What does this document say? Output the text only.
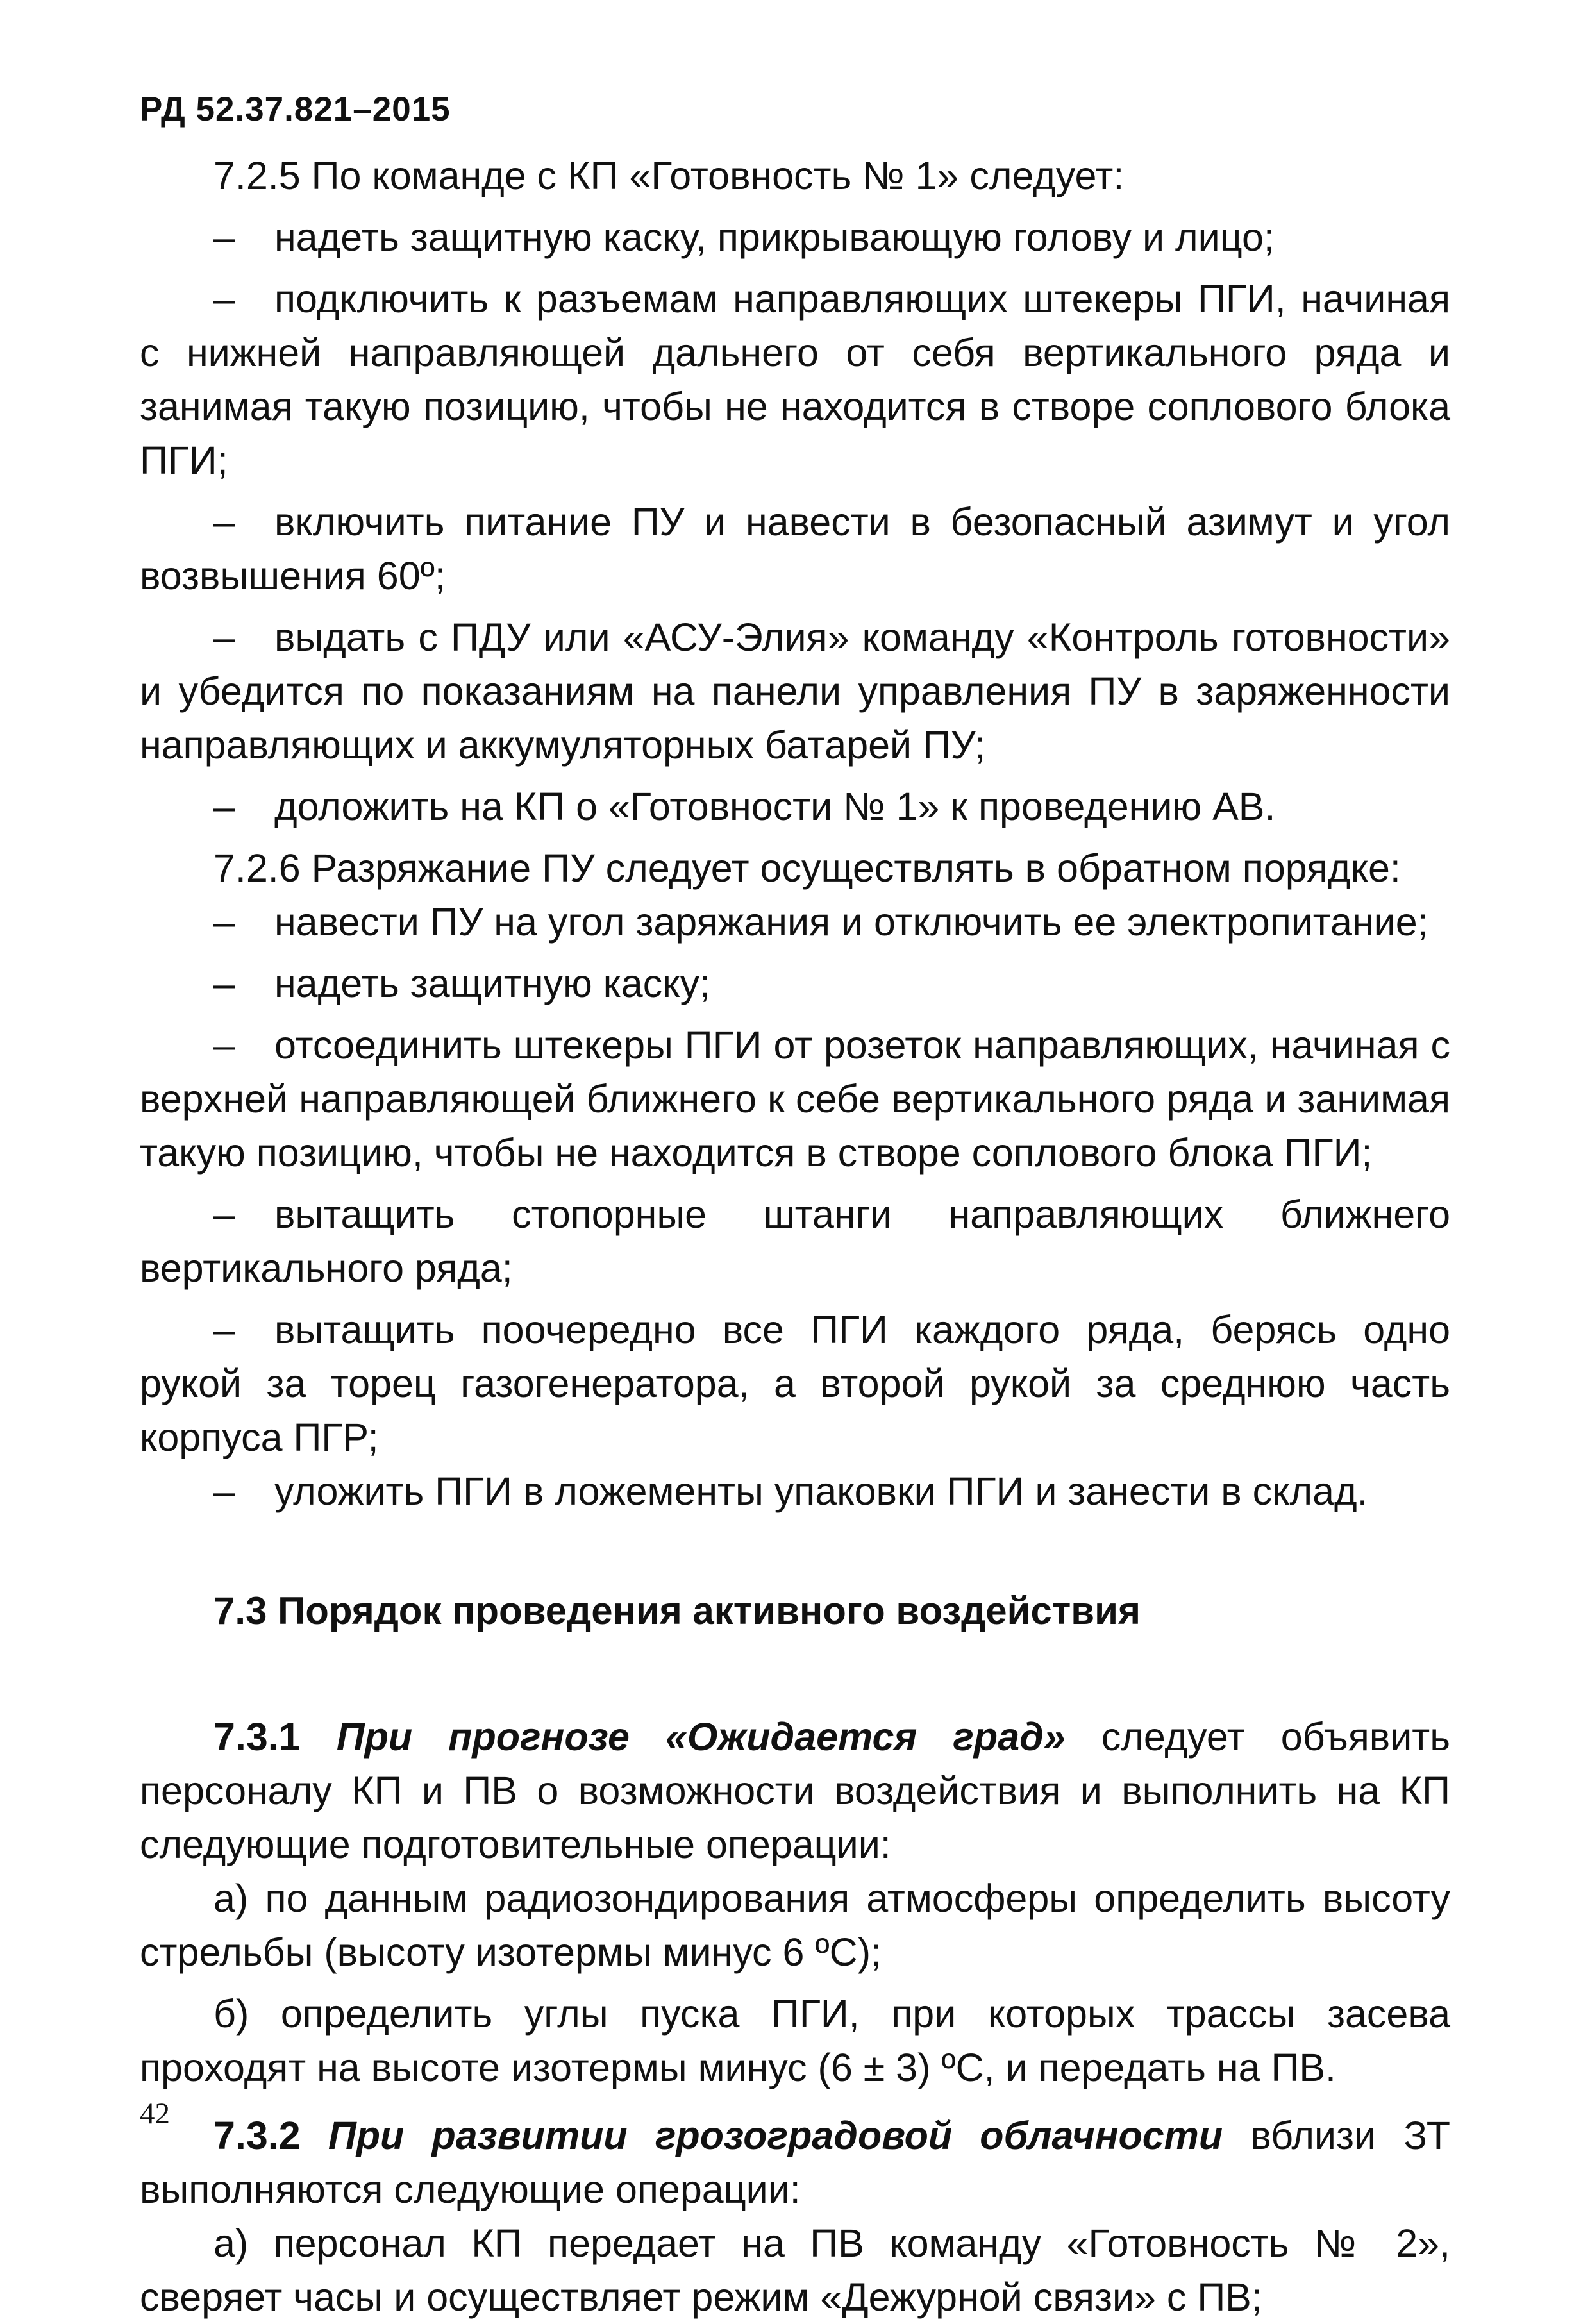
РД 52.37.821–2015

7.2.5 По команде с КП «Готовность № 1» следует:

– надеть защитную каску, прикрывающую голову и лицо;

– подключить к разъемам направляющих штекеры ПГИ, начиная с нижней направляющей дальнего от себя вертикального ряда и занимая такую позицию, чтобы не находится в створе соплового блока ПГИ;

– включить питание ПУ и навести в безопасный азимут и угол возвышения 60º;

– выдать с ПДУ или «АСУ-Элия» команду «Контроль готовности» и убедится по показаниям на панели управления ПУ в заряженности направляющих и аккумуляторных батарей ПУ;

– доложить на КП о «Готовности № 1» к проведению АВ.

7.2.6 Разряжание ПУ следует осуществлять в обратном порядке:

– навести ПУ на угол заряжания и отключить ее электропитание;

– надеть защитную каску;

– отсоединить штекеры ПГИ от розеток направляющих, начиная с верхней направляющей ближнего к себе вертикального ряда и занимая такую позицию, чтобы не находится в створе соплового блока ПГИ;

– вытащить стопорные штанги направляющих ближнего вертикального ряда;

– вытащить поочередно все ПГИ каждого ряда, берясь одно рукой за торец газогенератора, а второй рукой за среднюю часть корпуса ПГР;

– уложить ПГИ в ложементы упаковки ПГИ и занести в склад.

7.3 Порядок проведения активного воздействия

7.3.1 При прогнозе «Ожидается град» следует объявить персоналу КП и ПВ о возможности воздействия и выполнить на КП следующие подготовительные операции:

а) по данным радиозондирования атмосферы определить высоту стрельбы (высоту изотермы минус 6 ºС);

б) определить углы пуска ПГИ, при которых трассы засева проходят на высоте изотермы минус (6 ± 3) ºС, и передать на ПВ.

7.3.2 При развитии грозоградовой облачности вблизи ЗТ выполняются следующие операции:

а) персонал КП передает на ПВ команду «Готовность № 2», сверяет часы и осуществляет режим «Дежурной связи» с ПВ;

42
